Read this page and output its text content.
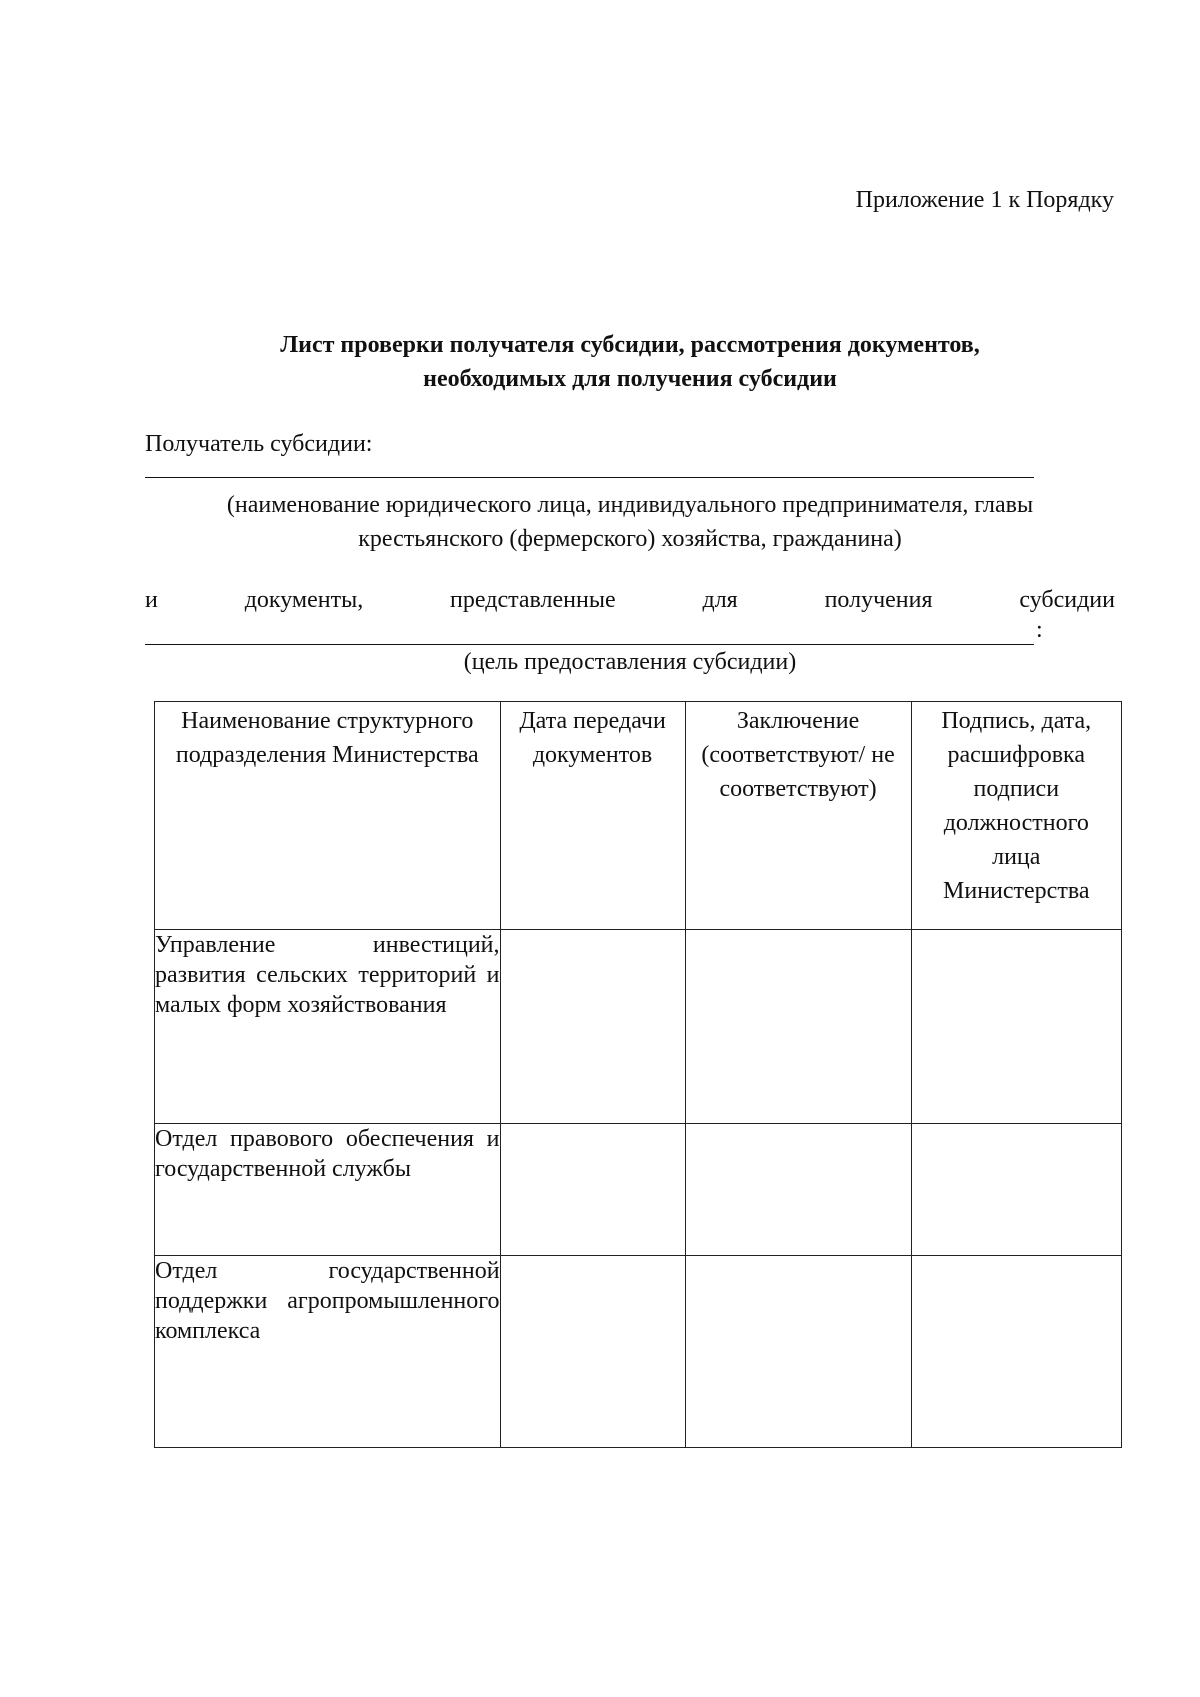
Приложение 1 к Порядку
Лист проверки получателя субсидии, рассмотрения документов,
необходимых для получения субсидии
Получатель субсидии:
(наименование юридического лица, индивидуального предпринимателя, главы
крестьянского (фермерского) хозяйства, гражданина)
и	документы,	представленные	для	получения	субсидии
:
(цель предоставления субсидии)
Наименование структурного подразделения Министерства	Дата передачи документов	Заключение (соответствуют/ не соответствуют)	Подпись, дата, расшифровка подписи должностного лица Министерства
Управление инвестиций, развития сельских территорий и малых форм хозяйствования			
Отдел правового обеспечения и государственной службы			
Отдел государственной поддержки агропромышленного комплекса			
